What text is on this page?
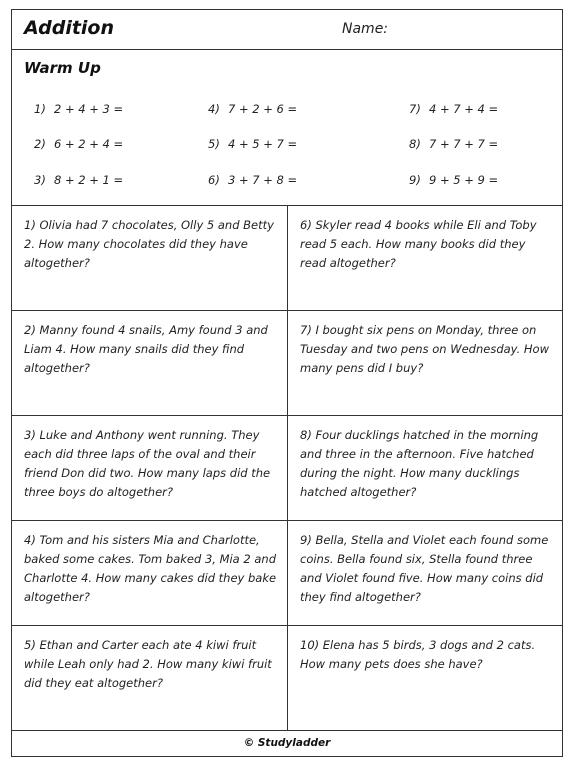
Addition	Name:
Warm Up
1) 2 + 4 + 3 =
2) 6 + 2 + 4 =
3) 8 + 2 + 1 =
4) 7 + 2 + 6 =
5) 4 + 5 + 7 =
6) 3 + 7 + 8 =
7) 4 + 7 + 4 =
8) 7 + 7 + 7 =
9) 9 + 5 + 9 =

1) Olivia had 7 chocolates, Olly 5 and Betty 2. How many chocolates did they have altogether?

6) Skyler read 4 books while Eli and Toby read 5 each. How many books did they read altogether?

2) Manny found 4 snails, Amy found 3 and Liam 4. How many snails did they find altogether?

7) I bought six pens on Monday, three on Tuesday and two pens on Wednesday. How many pens did I buy?

3) Luke and Anthony went running. They each did three laps of the oval and their friend Don did two. How many laps did the three boys do altogether?

8) Four ducklings hatched in the morning and three in the afternoon. Five hatched during the night. How many ducklings hatched altogether?

4) Tom and his sisters Mia and Charlotte, baked some cakes. Tom baked 3, Mia 2 and Charlotte 4. How many cakes did they bake altogether?

9) Bella, Stella and Violet each found some coins. Bella found six, Stella found three and Violet found five. How many coins did they find altogether?

5) Ethan and Carter each ate 4 kiwi fruit while Leah only had 2. How many kiwi fruit did they eat altogether?

10) Elena has 5 birds, 3 dogs and 2 cats. How many pets does she have?

© Studyladder
